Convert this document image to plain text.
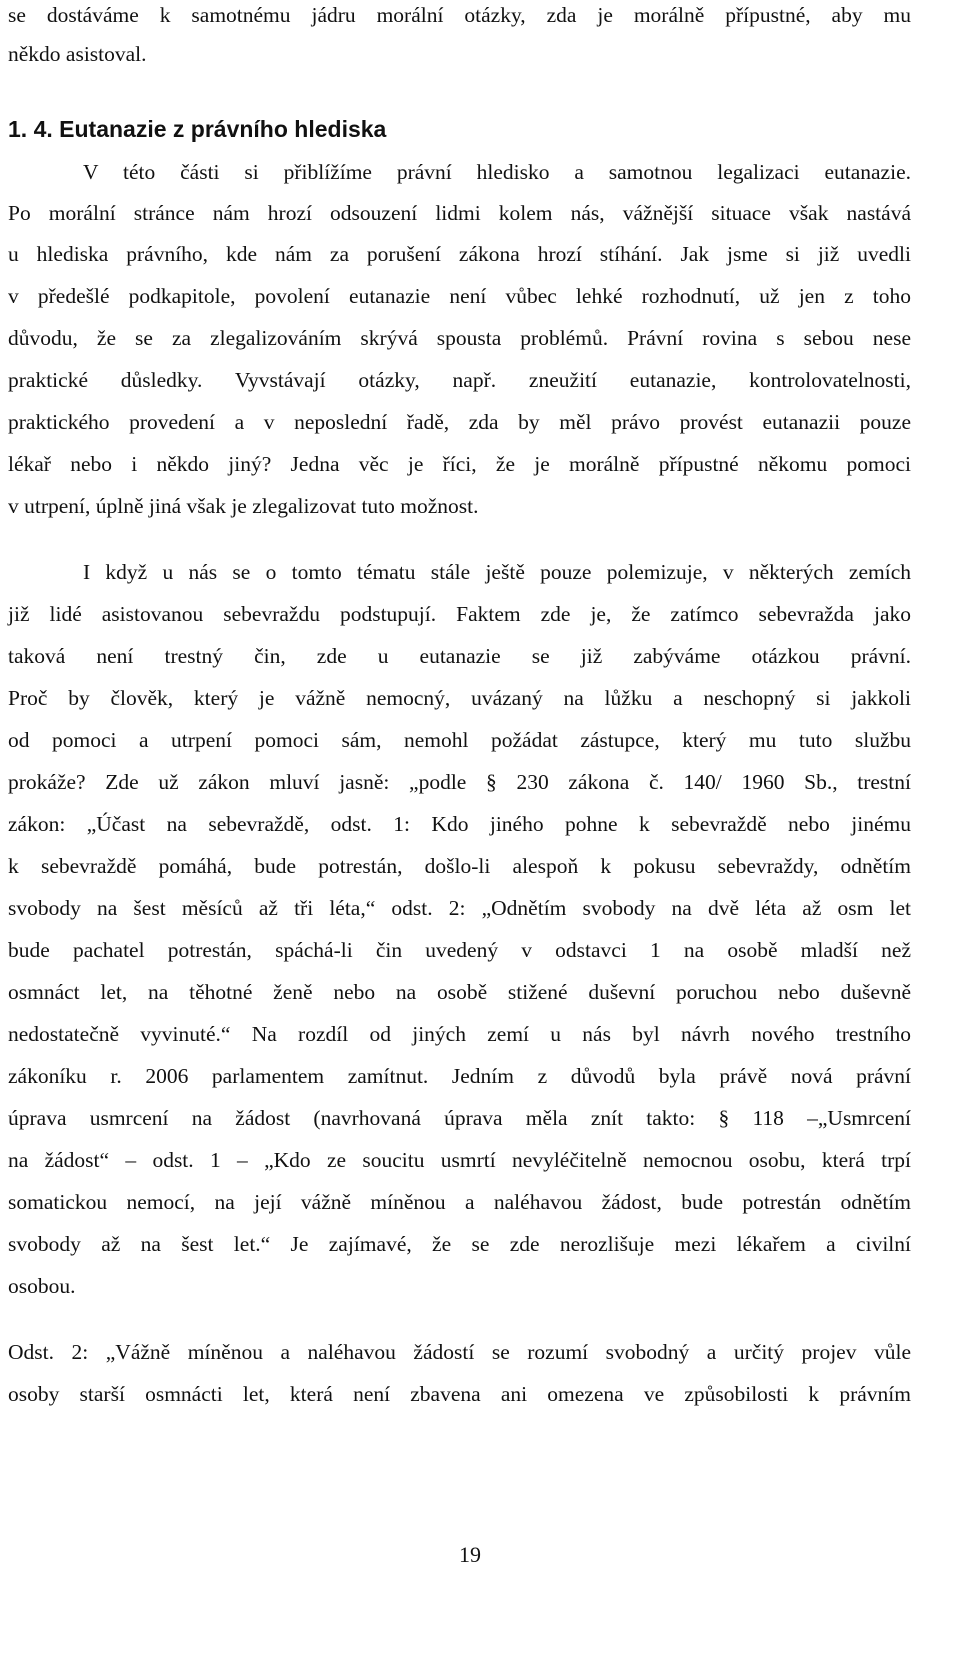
se dostáváme k samotnému jádru morální otázky, zda je morálně přípustné, aby mu
někdo asistoval.
1. 4. Eutanazie z právního hlediska
V této části si přiblížíme právní hledisko a samotnou legalizaci eutanazie.
Po morální stránce nám hrozí odsouzení lidmi kolem nás, vážnější situace však nastává
u hlediska právního, kde nám za porušení zákona hrozí stíhání. Jak jsme si již uvedli
v předešlé podkapitole, povolení eutanazie není vůbec lehké rozhodnutí, už jen z toho
důvodu, že se za zlegalizováním skrývá spousta problémů. Právní rovina s sebou nese
praktické důsledky. Vyvstávají otázky, např. zneužití eutanazie, kontrolovatelnosti,
praktického provedení a v neposlední řadě, zda by měl právo provést eutanazii pouze
lékař nebo i někdo jiný? Jedna věc je říci, že je morálně přípustné někomu pomoci
v utrpení, úplně jiná však je zlegalizovat tuto možnost.
I když u nás se o tomto tématu stále ještě pouze polemizuje, v některých zemích
již lidé asistovanou sebevraždu podstupují. Faktem zde je, že zatímco sebevražda jako
taková není trestný čin, zde u eutanazie se již zabýváme otázkou právní.
Proč by člověk, který je vážně nemocný, uvázaný na lůžku a neschopný si jakkoli
od pomoci a utrpení pomoci sám, nemohl požádat zástupce, který mu tuto službu
prokáže? Zde už zákon mluví jasně: „podle § 230 zákona č. 140/ 1960 Sb., trestní
zákon: „Účast na sebevraždě, odst. 1: Kdo jiného pohne k sebevraždě nebo jinému
k sebevraždě pomáhá, bude potrestán, došlo-li alespoň k pokusu sebevraždy, odnětím
svobody na šest měsíců až tři léta,“ odst. 2: „Odnětím svobody na dvě léta až osm let
bude pachatel potrestán, spáchá-li čin uvedený v odstavci 1 na osobě mladší než
osmnáct let, na těhotné ženě nebo na osobě stižené duševní poruchou nebo duševně
nedostatečně vyvinuté.“ Na rozdíl od jiných zemí u nás byl návrh nového trestního
zákoníku r. 2006 parlamentem zamítnut. Jedním z důvodů byla právě nová právní
úprava usmrcení na žádost (navrhovaná úprava měla znít takto: § 118 –„Usmrcení
na žádost“ – odst. 1 – „Kdo ze soucitu usmrtí nevyléčitelně nemocnou osobu, která trpí
somatickou nemocí, na její vážně míněnou a naléhavou žádost, bude potrestán odnětím
svobody až na šest let.“ Je zajímavé, že se zde nerozlišuje mezi lékařem a civilní
osobou.
Odst. 2: „Vážně míněnou a naléhavou žádostí se rozumí svobodný a určitý projev vůle
osoby starší osmnácti let, která není zbavena ani omezena ve způsobilosti k právním
19
